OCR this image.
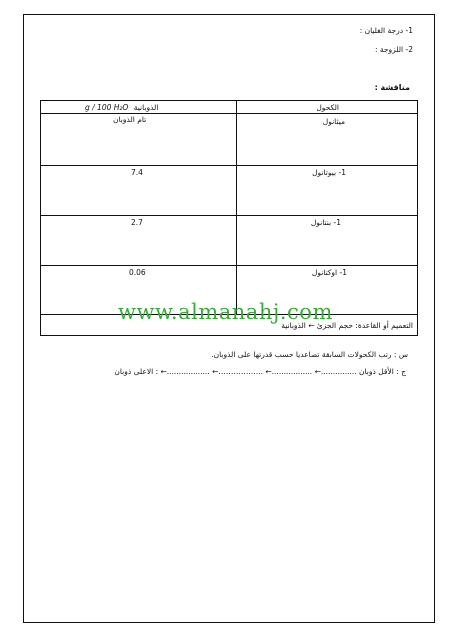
1- درجة الغليان :
2- اللزوجة :
مناقشة :
الكحول
الذوبانية g / 100 H₂O
ميثانول
تام الذوبان
1- بيوتانول
7.4
1- بنتانول
2.7
1- اوكتانول
0.06
التعميم أو القاعدة: حجم الجزئ ← الذوبانية
www.almanahj.com
س : رتب الكحولات السابقة تصاعديا حسب قدرتها على الذوبان.
ج : الأقل ذوبان ...............← .................← ...……………← ..................← : الاعلى ذوبان
